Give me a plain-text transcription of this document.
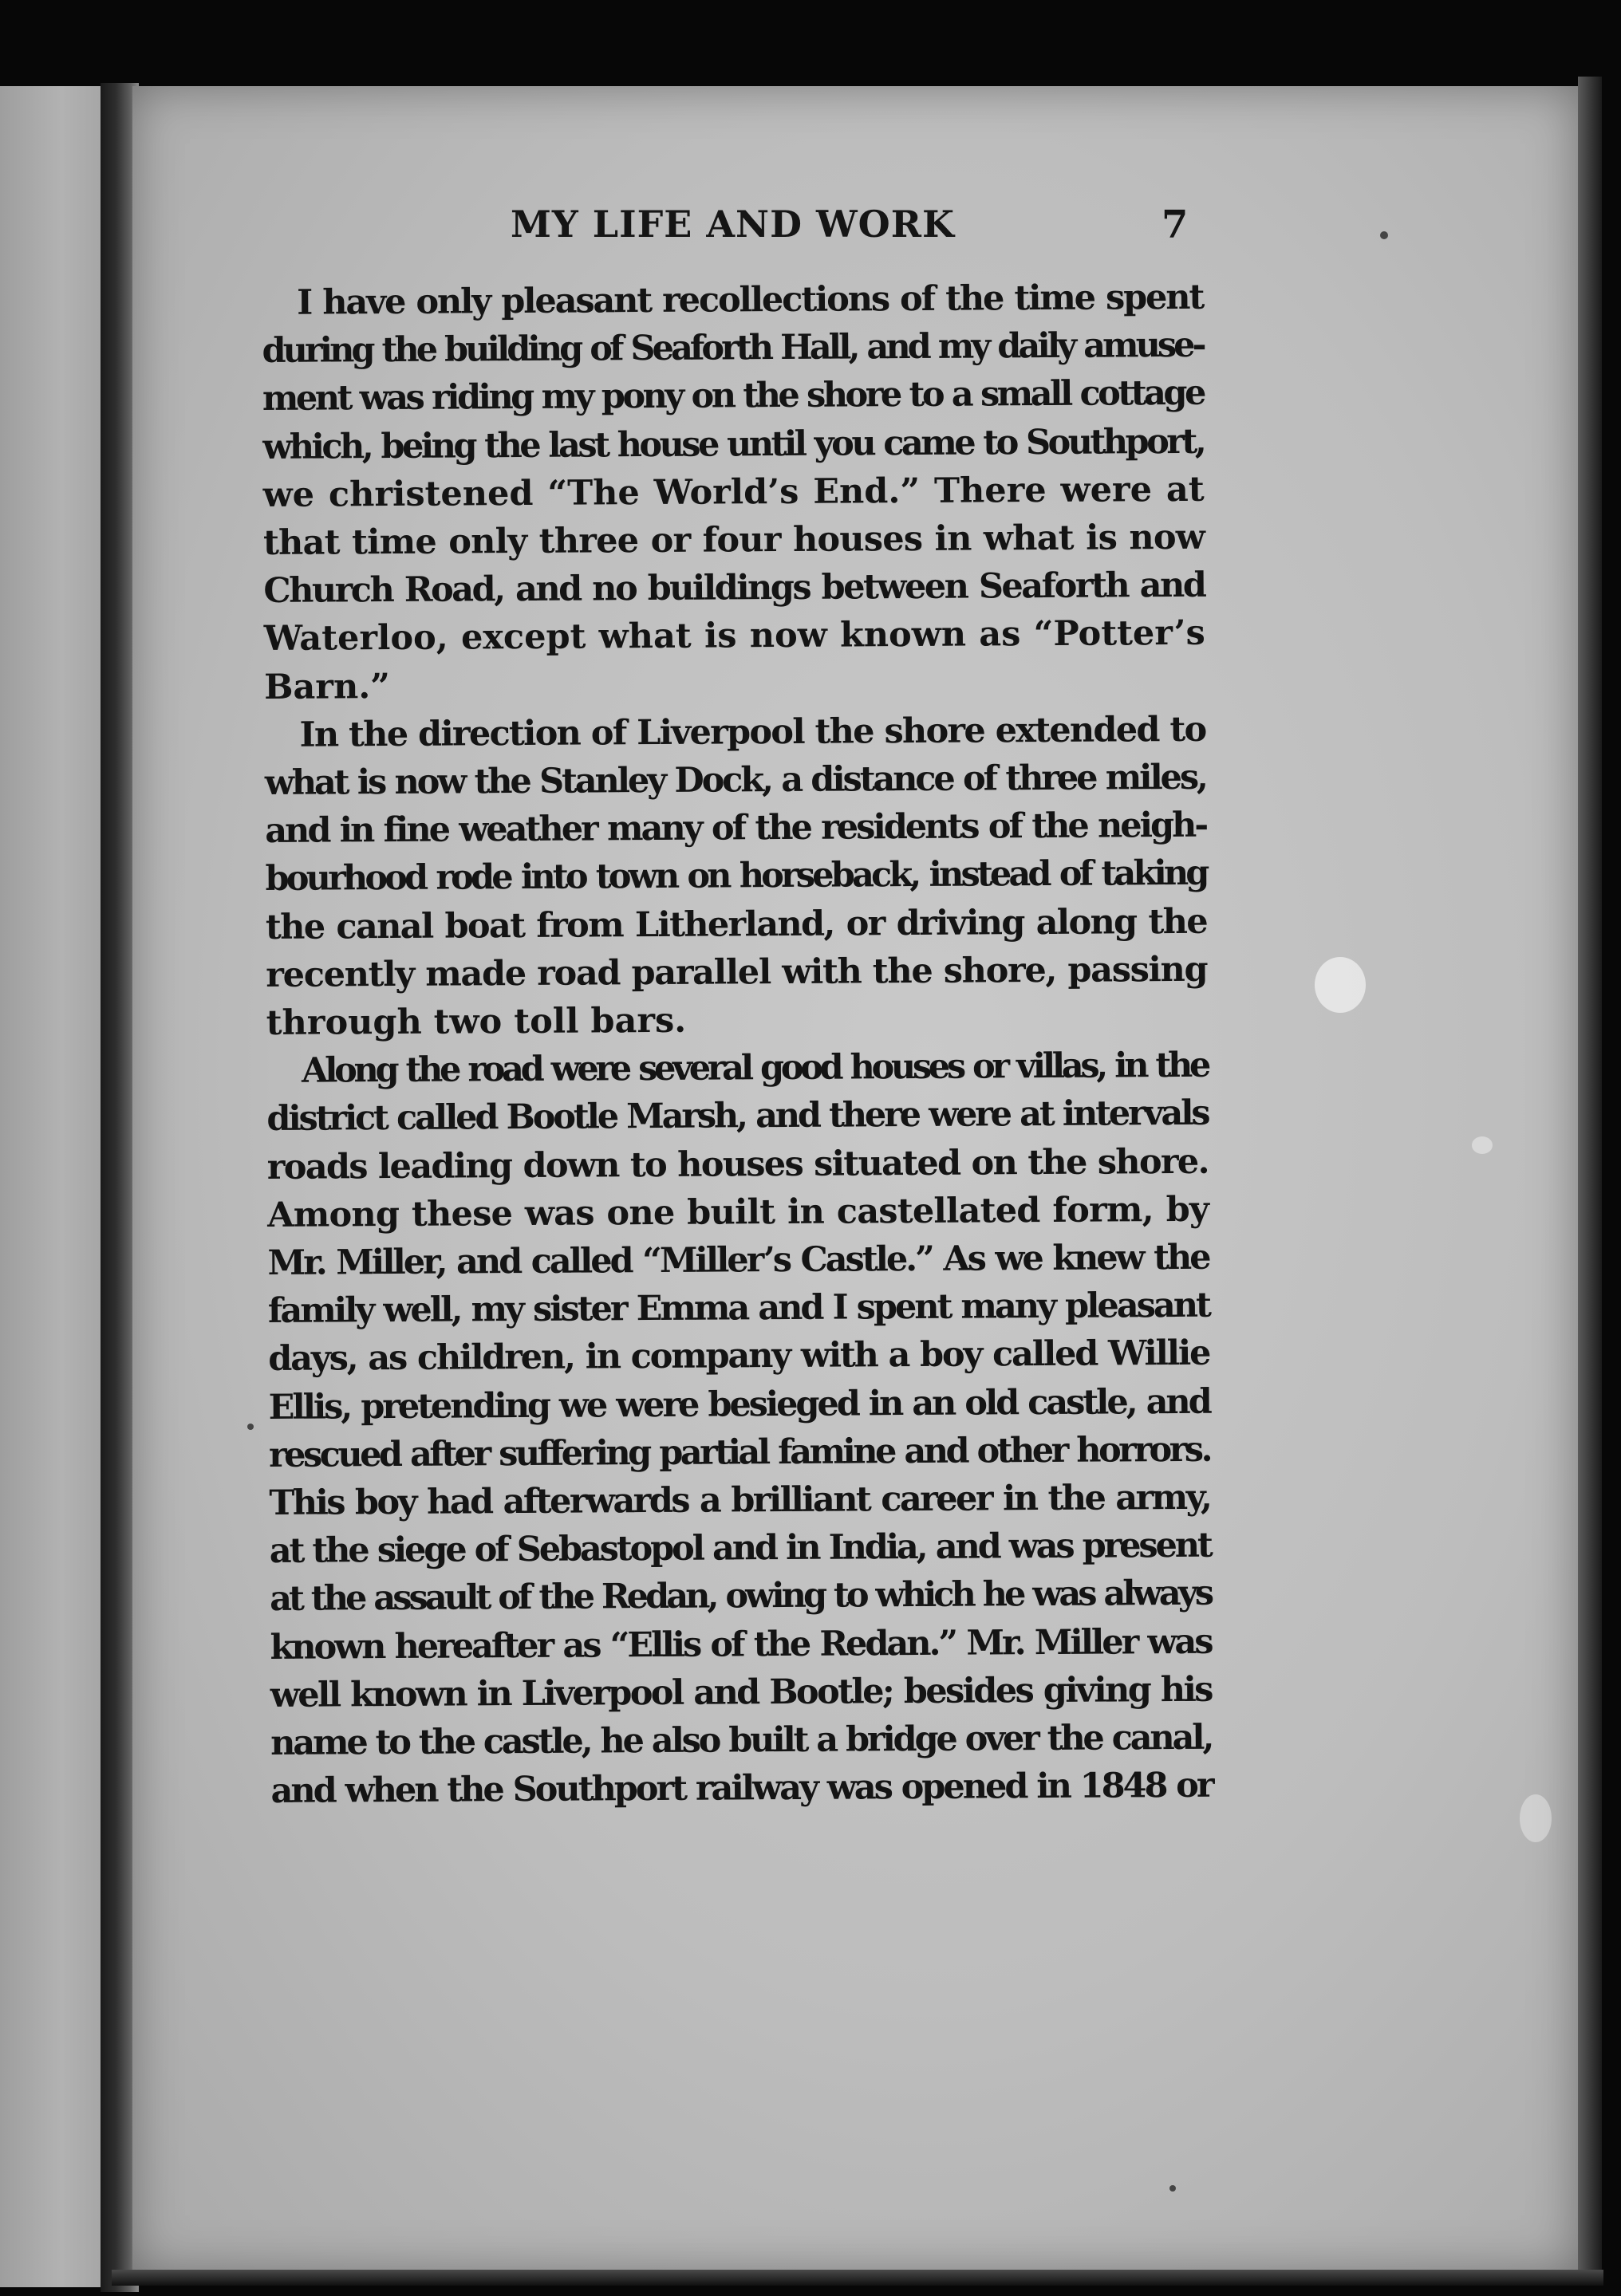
MY LIFE AND WORK	7

I have only pleasant recollections of the time spent
during the building of Seaforth Hall, and my daily amuse-
ment was riding my pony on the shore to a small cottage
which, being the last house until you came to Southport,
we christened “The World’s End.” There were at
that time only three or four houses in what is now
Church Road, and no buildings between Seaforth and
Waterloo, except what is now known as “Potter’s
Barn.”

In the direction of Liverpool the shore extended to
what is now the Stanley Dock, a distance of three miles,
and in fine weather many of the residents of the neigh-
bourhood rode into town on horseback, instead of taking
the canal boat from Litherland, or driving along the
recently made road parallel with the shore, passing
through two toll bars.

Along the road were several good houses or villas, in the
district called Bootle Marsh, and there were at intervals
roads leading down to houses situated on the shore.
Among these was one built in castellated form, by
Mr. Miller, and called “Miller’s Castle.” As we knew the
family well, my sister Emma and I spent many pleasant
days, as children, in company with a boy called Willie
Ellis, pretending we were besieged in an old castle, and
rescued after suffering partial famine and other horrors.
This boy had afterwards a brilliant career in the army,
at the siege of Sebastopol and in India, and was present
at the assault of the Redan, owing to which he was always
known hereafter as “Ellis of the Redan.” Mr. Miller was
well known in Liverpool and Bootle; besides giving his
name to the castle, he also built a bridge over the canal,
and when the Southport railway was opened in 1848 or
